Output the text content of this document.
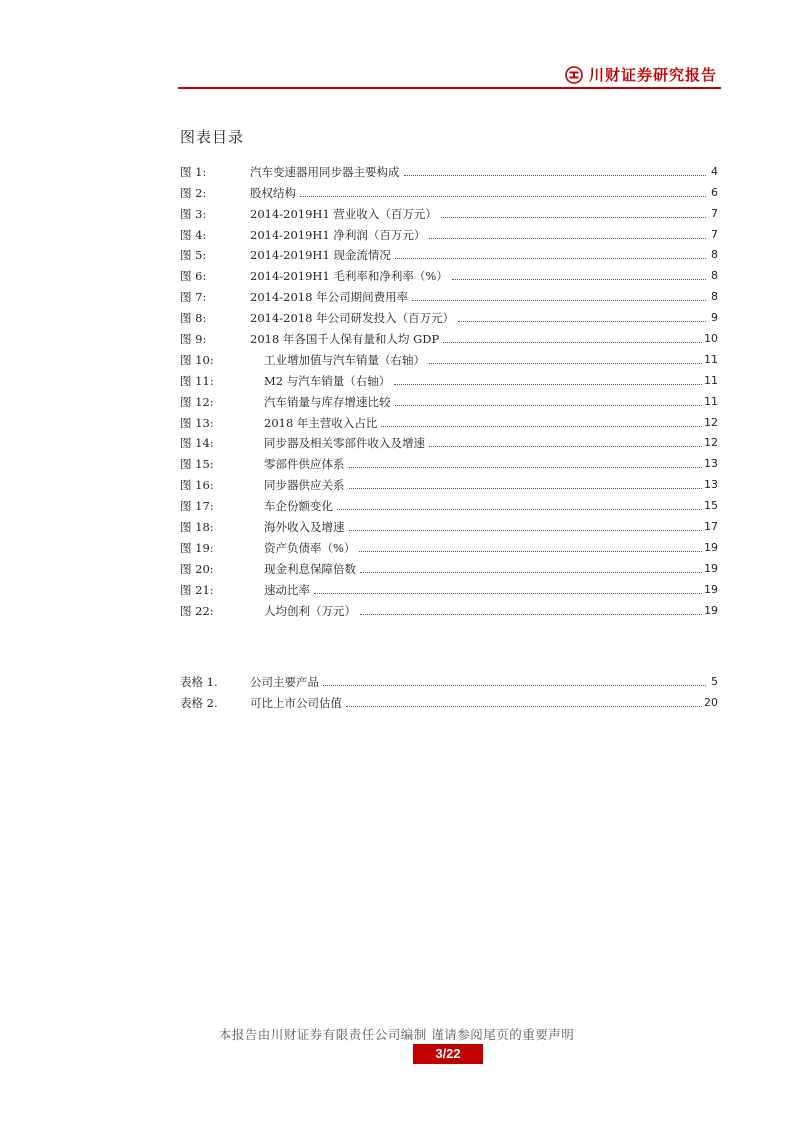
川财证券研究报告
图表目录
图 1:	汽车变速器用同步器主要构成	4
图 2:	股权结构	6
图 3:	2014-2019H1 营业收入（百万元）	7
图 4:	2014-2019H1 净利润（百万元）	7
图 5:	2014-2019H1 现金流情况	8
图 6:	2014-2019H1 毛利率和净利率（%）	8
图 7:	2014-2018 年公司期间费用率	8
图 8:	2014-2018 年公司研发投入（百万元）	9
图 9:	2018 年各国千人保有量和人均 GDP	10
图 10:	工业增加值与汽车销量（右轴）	11
图 11:	M2 与汽车销量（右轴）	11
图 12:	汽车销量与库存增速比较	11
图 13:	2018 年主营收入占比	12
图 14:	同步器及相关零部件收入及增速	12
图 15:	零部件供应体系	13
图 16:	同步器供应关系	13
图 17:	车企份额变化	15
图 18:	海外收入及增速	17
图 19:	资产负债率（%）	19
图 20:	现金利息保障倍数	19
图 21:	速动比率	19
图 22:	人均创利（万元）	19
表格 1.	公司主要产品	5
表格 2.	可比上市公司估值	20
本报告由川财证券有限责任公司编制 谨请参阅尾页的重要声明
3/22
